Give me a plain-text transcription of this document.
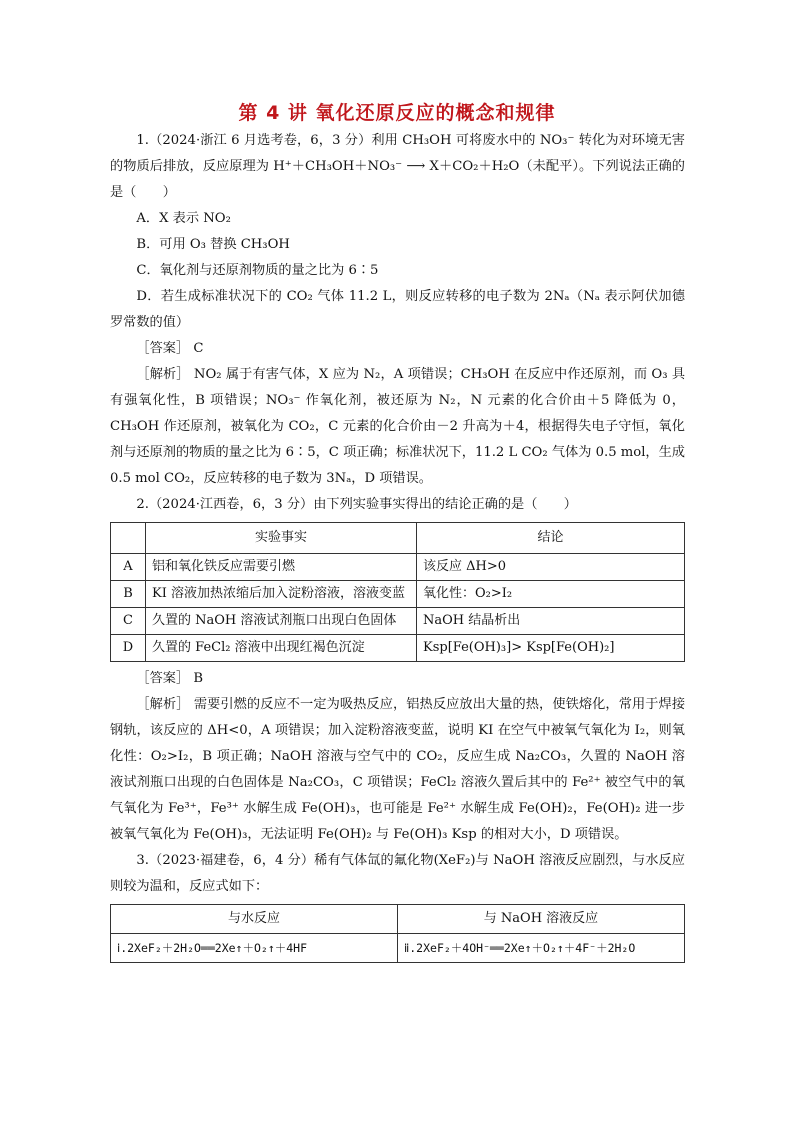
第 4 讲 氧化还原反应的概念和规律

1.（2024·浙江 6 月选考卷，6，3 分）利用 CH₃OH 可将废水中的 NO₃⁻ 转化为对环境无害的物质后排放，反应原理为 H⁺＋CH₃OH＋NO₃⁻ ⟶ X＋CO₂＋H₂O（未配平）。下列说法正确的是（　　）

A．X 表示 NO₂

B．可用 O₃ 替换 CH₃OH

C．氧化剂与还原剂物质的量之比为 6∶5

D．若生成标准状况下的 CO₂ 气体 11.2 L，则反应转移的电子数为 2Nₐ（Nₐ 表示阿伏加德罗常数的值）

［答案］ C

［解析］ NO₂ 属于有害气体，X 应为 N₂，A 项错误；CH₃OH 在反应中作还原剂，而 O₃ 具有强氧化性，B 项错误；NO₃⁻ 作氧化剂，被还原为 N₂，N 元素的化合价由＋5 降低为 0，CH₃OH 作还原剂，被氧化为 CO₂，C 元素的化合价由－2 升高为＋4，根据得失电子守恒，氧化剂与还原剂的物质的量之比为 6∶5，C 项正确；标准状况下，11.2 L CO₂ 气体为 0.5 mol，生成 0.5 mol CO₂，反应转移的电子数为 3Nₐ，D 项错误。

2.（2024·江西卷，6，3 分）由下列实验事实得出的结论正确的是（　　）

	实验事实	结论
A	铝和氧化铁反应需要引燃	该反应 ΔH>0
B	KI 溶液加热浓缩后加入淀粉溶液，溶液变蓝	氧化性：O₂>I₂
C	久置的 NaOH 溶液试剂瓶口出现白色固体	NaOH 结晶析出
D	久置的 FeCl₂ 溶液中出现红褐色沉淀	Ksp[Fe(OH)₃]> Ksp[Fe(OH)₂]

［答案］ B

［解析］ 需要引燃的反应不一定为吸热反应，铝热反应放出大量的热，使铁熔化，常用于焊接钢轨，该反应的 ΔH<0，A 项错误；加入淀粉溶液变蓝，说明 KI 在空气中被氧气氧化为 I₂，则氧化性：O₂>I₂，B 项正确；NaOH 溶液与空气中的 CO₂，反应生成 Na₂CO₃，久置的 NaOH 溶液试剂瓶口出现的白色固体是 Na₂CO₃，C 项错误；FeCl₂ 溶液久置后其中的 Fe²⁺ 被空气中的氧气氧化为 Fe³⁺，Fe³⁺ 水解生成 Fe(OH)₃，也可能是 Fe²⁺ 水解生成 Fe(OH)₂，Fe(OH)₂ 进一步被氧气氧化为 Fe(OH)₃，无法证明 Fe(OH)₂ 与 Fe(OH)₃ Ksp 的相对大小，D 项错误。

3.（2023·福建卷，6，4 分）稀有气体氙的氟化物(XeF₂)与 NaOH 溶液反应剧烈，与水反应则较为温和，反应式如下：

与水反应	与 NaOH 溶液反应
ⅰ.2XeF₂＋2H₂O══2Xe↑＋O₂↑＋4HF	ⅱ.2XeF₂＋4OH⁻══2Xe↑＋O₂↑＋4F⁻＋2H₂O
